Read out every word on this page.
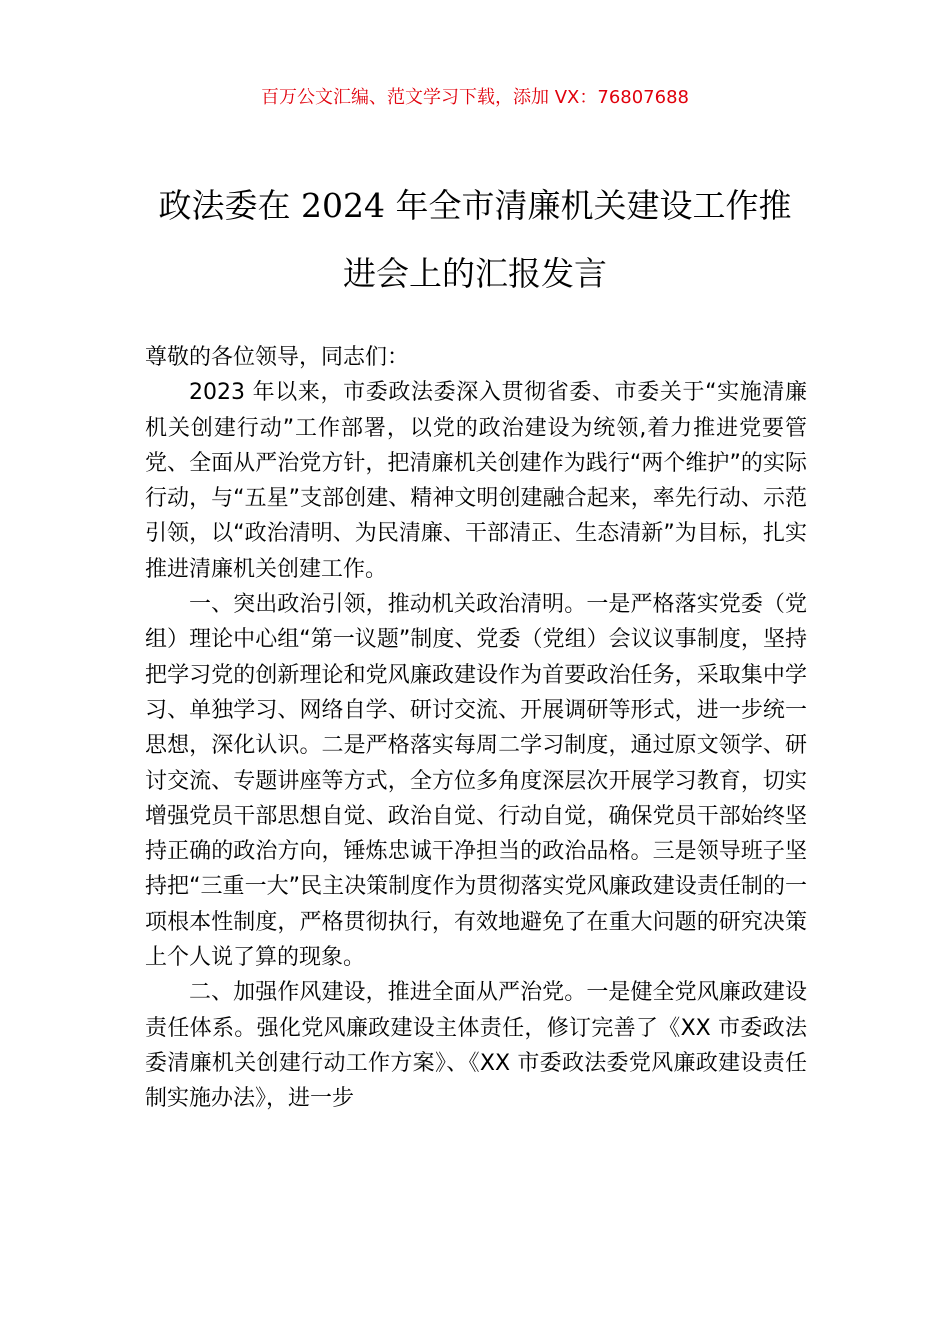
百万公文汇编、范文学习下载，添加 VX：76807688
政法委在 2024 年全市清廉机关建设工作推
进会上的汇报发言

尊敬的各位领导，同志们：

2023 年以来，市委政法委深入贯彻省委、市委关于“实施清廉机关创建行动”工作部署，以党的政治建设为统领,着力推进党要管党、全面从严治党方针，把清廉机关创建作为践行“两个维护”的实际行动，与“五星”支部创建、精神文明创建融合起来，率先行动、示范引领，以“政治清明、为民清廉、干部清正、生态清新”为目标，扎实推进清廉机关创建工作。

一、突出政治引领，推动机关政治清明。一是严格落实党委（党组）理论中心组“第一议题”制度、党委（党组）会议议事制度，坚持把学习党的创新理论和党风廉政建设作为首要政治任务，采取集中学习、单独学习、网络自学、研讨交流、开展调研等形式，进一步统一思想，深化认识。二是严格落实每周二学习制度，通过原文领学、研讨交流、专题讲座等方式，全方位多角度深层次开展学习教育，切实增强党员干部思想自觉、政治自觉、行动自觉，确保党员干部始终坚持正确的政治方向，锤炼忠诚干净担当的政治品格。三是领导班子坚持把“三重一大”民主决策制度作为贯彻落实党风廉政建设责任制的一项根本性制度，严格贯彻执行，有效地避免了在重大问题的研究决策上个人说了算的现象。

二、加强作风建设，推进全面从严治党。一是健全党风廉政建设责任体系。强化党风廉政建设主体责任，修订完善了《XX 市委政法委清廉机关创建行动工作方案》、《XX 市委政法委党风廉政建设责任制实施办法》，进一步
